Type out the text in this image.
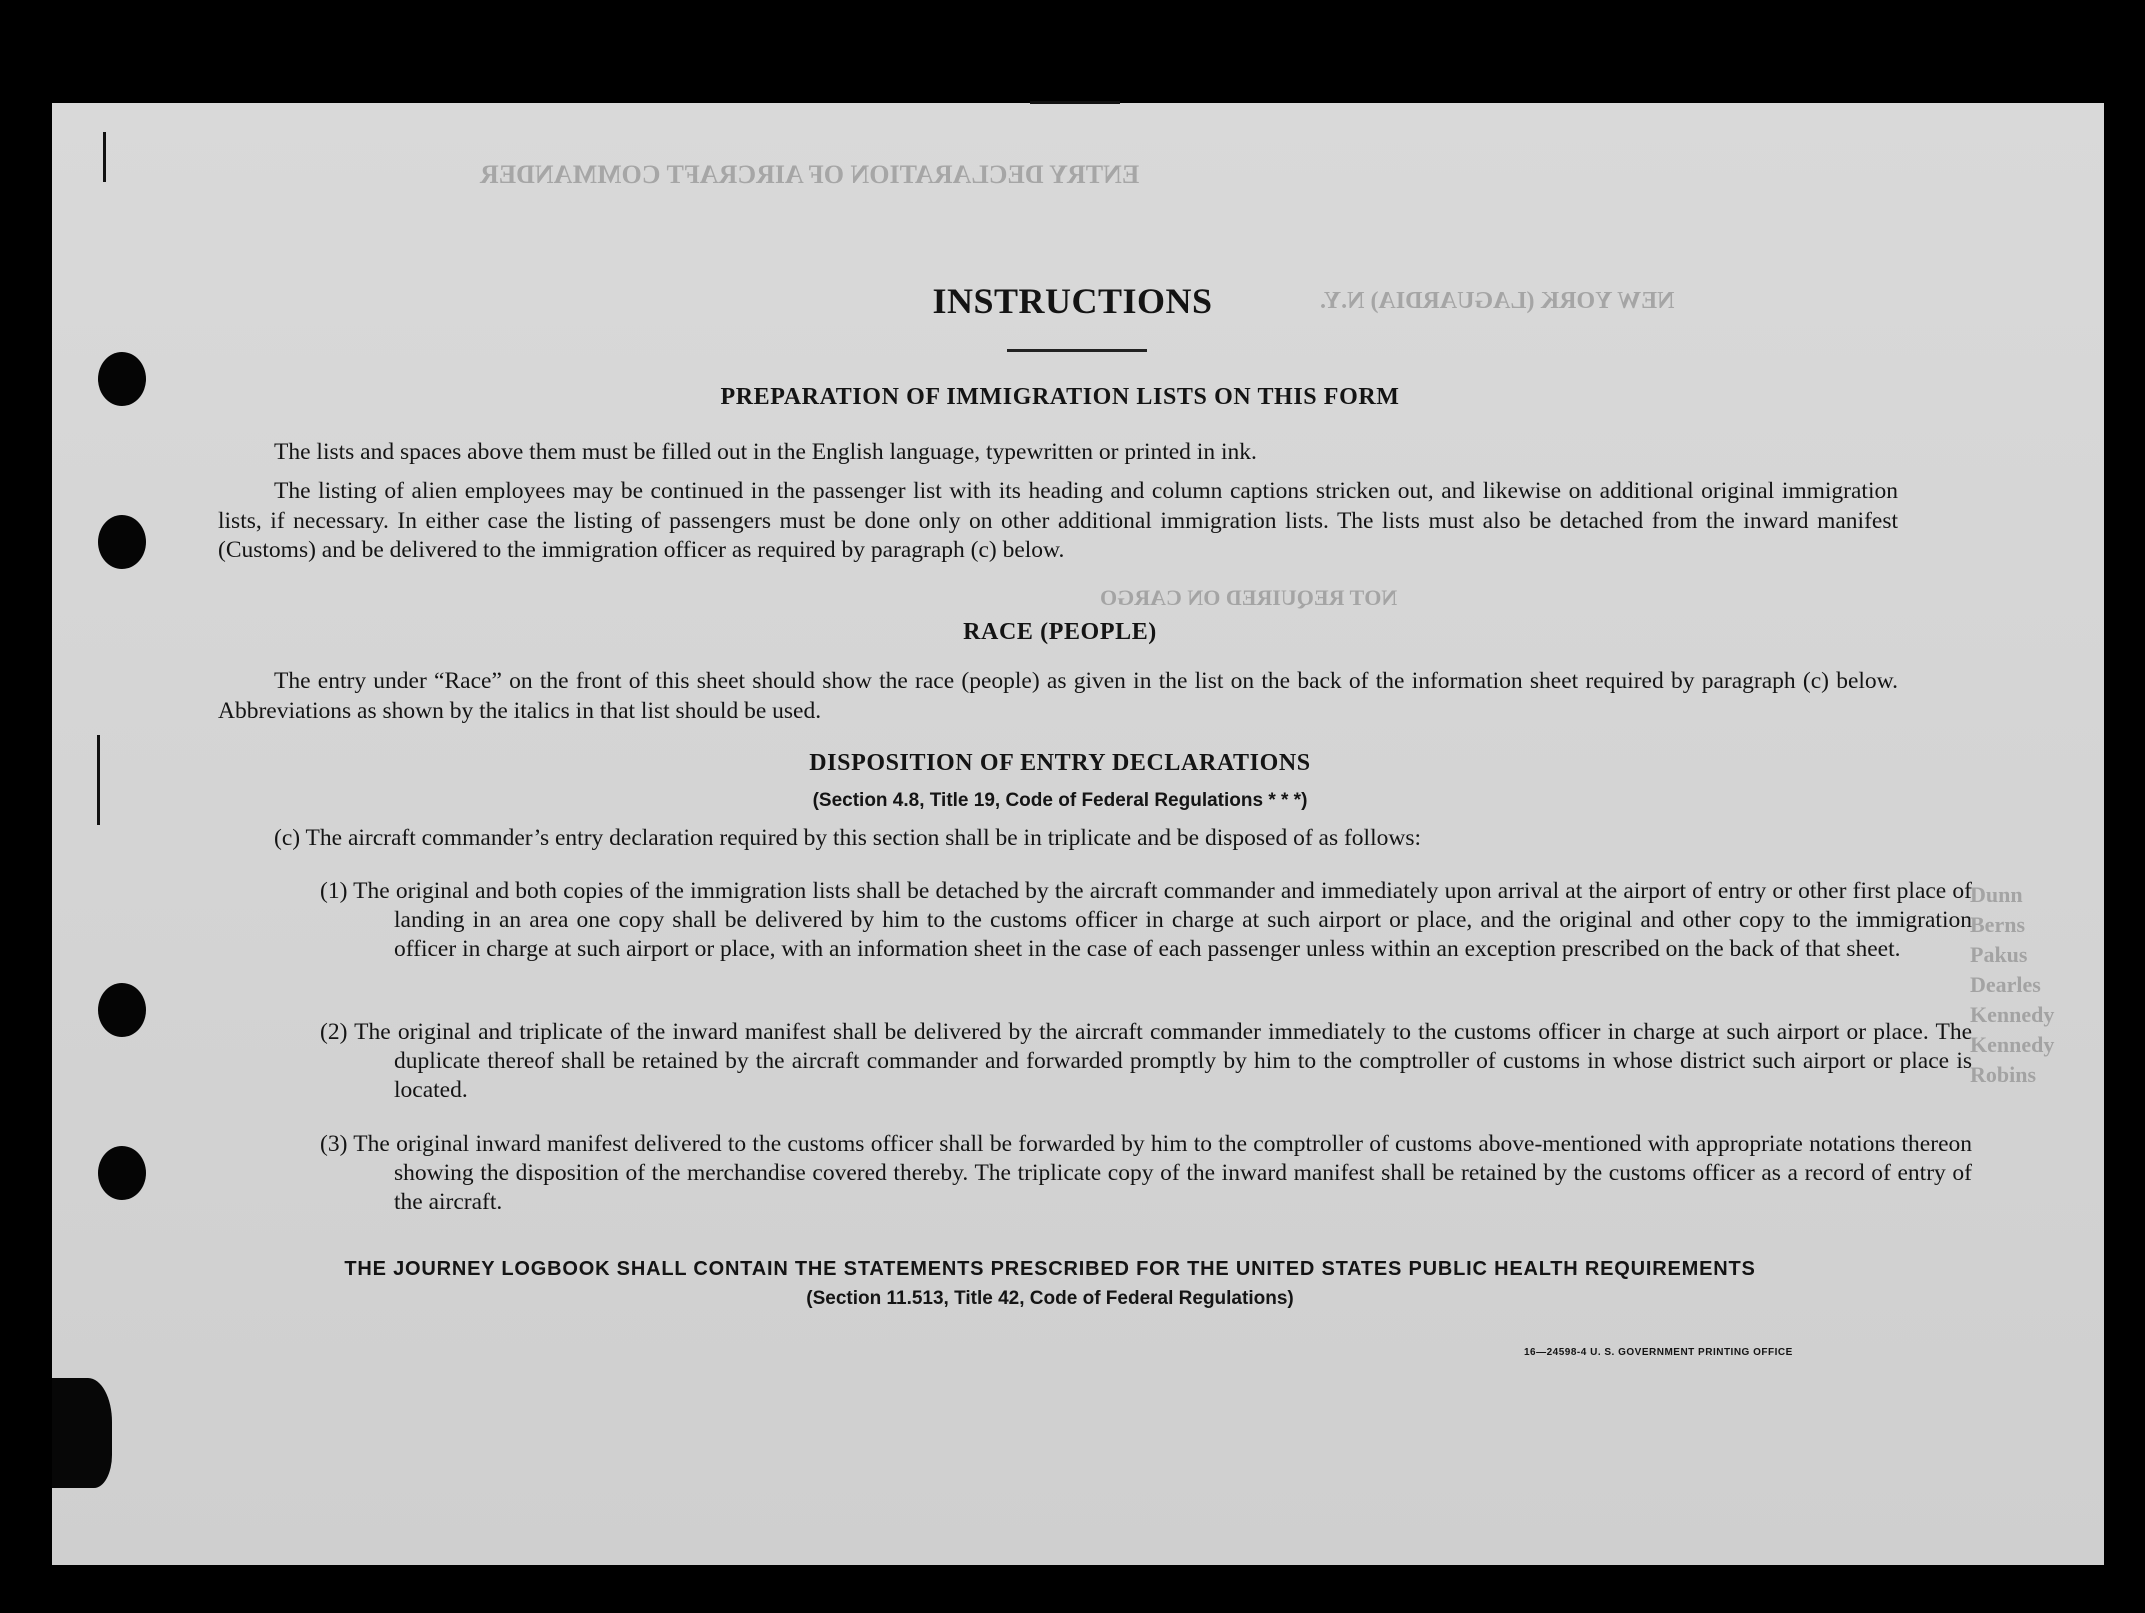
ENTRY DECLARATION OF AIRCRAFT COMMANDER
NEW YORK (LAGUARDIA) N.Y.
NOT REQUIRED ON CARGO
Dunn Berns Pakus Dearles Kennedy Kennedy Robins
INSTRUCTIONS
PREPARATION OF IMMIGRATION LISTS ON THIS FORM
The lists and spaces above them must be filled out in the English language, typewritten or printed in ink.
The listing of alien employees may be continued in the passenger list with its heading and column captions stricken out, and likewise on additional original immigration lists, if necessary. In either case the listing of passengers must be done only on other additional immigration lists. The lists must also be detached from the inward manifest (Customs) and be delivered to the immigration officer as required by paragraph (c) below.
RACE (PEOPLE)
The entry under “Race” on the front of this sheet should show the race (people) as given in the list on the back of the information sheet required by paragraph (c) below. Abbreviations as shown by the italics in that list should be used.
DISPOSITION OF ENTRY DECLARATIONS
(Section 4.8, Title 19, Code of Federal Regulations * * *)
(c) The aircraft commander’s entry declaration required by this section shall be in triplicate and be disposed of as follows:
(1) The original and both copies of the immigration lists shall be detached by the aircraft commander and immediately upon arrival at the airport of entry or other first place of landing in an area one copy shall be delivered by him to the customs officer in charge at such airport or place, and the original and other copy to the immigration officer in charge at such airport or place, with an information sheet in the case of each passenger unless within an exception prescribed on the back of that sheet.
(2) The original and triplicate of the inward manifest shall be delivered by the aircraft commander immediately to the customs officer in charge at such airport or place. The duplicate thereof shall be retained by the aircraft commander and forwarded promptly by him to the comptroller of customs in whose district such airport or place is located.
(3) The original inward manifest delivered to the customs officer shall be forwarded by him to the comptroller of customs above-mentioned with appropriate notations thereon showing the disposition of the merchandise covered thereby. The triplicate copy of the inward manifest shall be retained by the customs officer as a record of entry of the aircraft.
THE JOURNEY LOGBOOK SHALL CONTAIN THE STATEMENTS PRESCRIBED FOR THE UNITED STATES PUBLIC HEALTH REQUIREMENTS
(Section 11.513, Title 42, Code of Federal Regulations)
16—24598-4 U. S. GOVERNMENT PRINTING OFFICE
